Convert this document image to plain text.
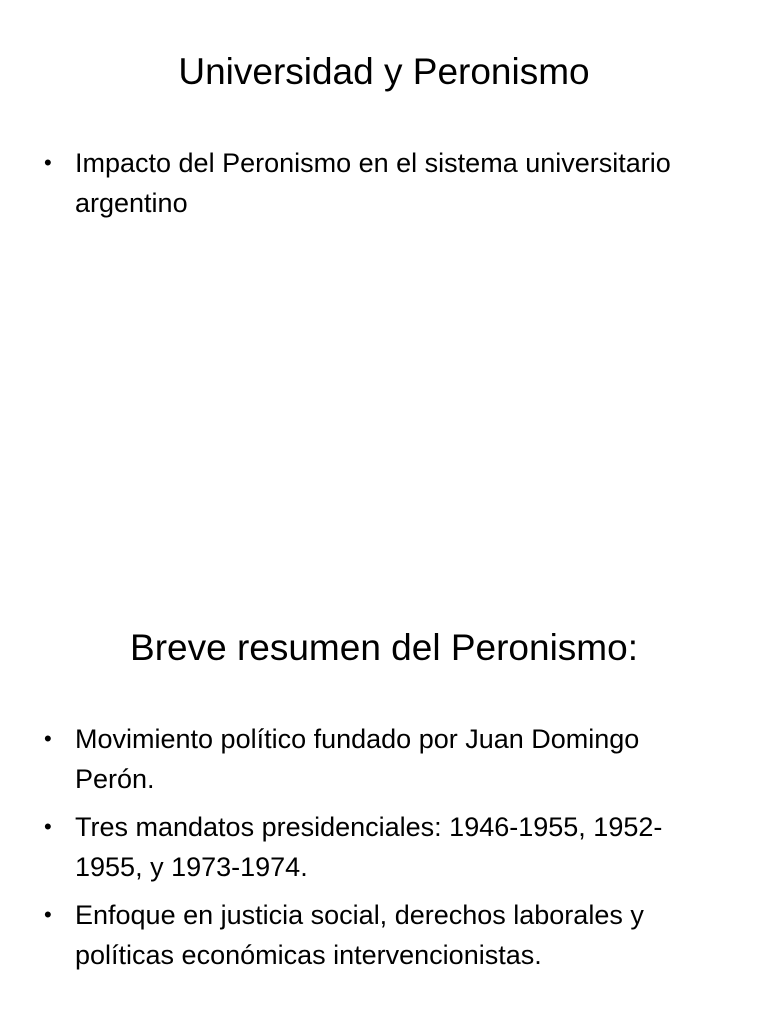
Universidad y Peronismo
• Impacto del Peronismo en el sistema universitario argentino
Breve resumen del Peronismo:
• Movimiento político fundado por Juan Domingo Perón.
• Tres mandatos presidenciales: 1946-1955, 1952-1955, y 1973-1974.
• Enfoque en justicia social, derechos laborales y políticas económicas intervencionistas.
